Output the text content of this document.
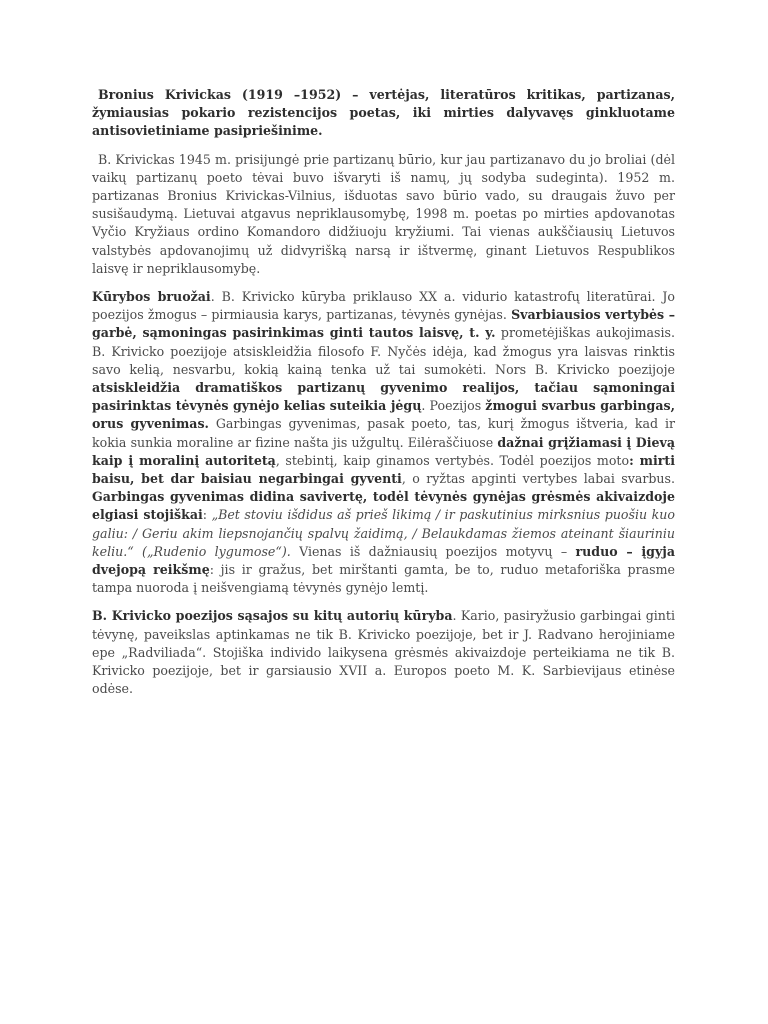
Bronius Krivickas (1919 –1952) – vertėjas, literatūros kritikas, partizanas, žymiausias pokario rezistencijos poetas, iki mirties dalyvavęs ginkluotame antisovietiniame pasipriešinime.

B. Krivickas 1945 m. prisijungė prie partizanų būrio, kur jau partizanavo du jo broliai (dėl vaikų partizanų poeto tėvai buvo išvaryti iš namų, jų sodyba sudeginta). 1952 m. partizanas Bronius Krivickas-Vilnius, išduotas savo būrio vado, su draugais žuvo per susišaudymą. Lietuvai atgavus nepriklausomybę, 1998 m. poetas po mirties apdovanotas Vyčio Kryžiaus ordino Komandoro didžiuoju kryžiumi. Tai vienas aukščiausių Lietuvos valstybės apdovanojimų už didvyrišką narsą ir ištvermę, ginant Lietuvos Respublikos laisvę ir nepriklausomybę.

Kūrybos bruožai. B. Krivicko kūryba priklauso XX a. vidurio katastrofų literatūrai. Jo poezijos žmogus – pirmiausia karys, partizanas, tėvynės gynėjas. Svarbiausios vertybės – garbė, sąmoningas pasirinkimas ginti tautos laisvę, t. y. prometėjiškas aukojimasis. B. Krivicko poezijoje atsiskleidžia filosofo F. Nyčės idėja, kad žmogus yra laisvas rinktis savo kelią, nesvarbu, kokią kainą tenka už tai sumokėti. Nors B. Krivicko poezijoje atsiskleidžia dramatiškos partizanų gyvenimo realijos, tačiau sąmoningai pasirinktas tėvynės gynėjo kelias suteikia jėgų. Poezijos žmogui svarbus garbingas, orus gyvenimas. Garbingas gyvenimas, pasak poeto, tas, kurį žmogus ištveria, kad ir kokia sunkia moraline ar fizine našta jis užgultų. Eilėraščiuose dažnai grįžiamasi į Dievą kaip į moralinį autoritetą, stebintį, kaip ginamos vertybės. Todėl poezijos moto: mirti baisu, bet dar baisiau negarbingai gyventi, o ryžtas apginti vertybes labai svarbus. Garbingas gyvenimas didina savivertę, todėl tėvynės gynėjas grėsmės akivaizdoje elgiasi stojiškai: „Bet stoviu išdidus aš prieš likimą / ir paskutinius mirksnius puošiu kuo galiu: / Geriu akim liepsnojančių spalvų žaidimą, / Belaukdamas žiemos ateinant šiauriniu keliu.“ („Rudenio lygumose“). Vienas iš dažniausių poezijos motyvų – ruduo – įgyja dvejopą reikšmę: jis ir gražus, bet mirštanti gamta, be to, ruduo metaforiška prasme tampa nuoroda į neišvengiamą tėvynės gynėjo lemtį.

B. Krivicko poezijos sąsajos su kitų autorių kūryba. Kario, pasiryžusio garbingai ginti tėvynę, paveikslas aptinkamas ne tik B. Krivicko poezijoje, bet ir J. Radvano herojiniame epe „Radviliada“. Stojiška individo laikysena grėsmės akivaizdoje perteikiama ne tik B. Krivicko poezijoje, bet ir garsiausio XVII a. Europos poeto M. K. Sarbievijaus etinėse odėse.
